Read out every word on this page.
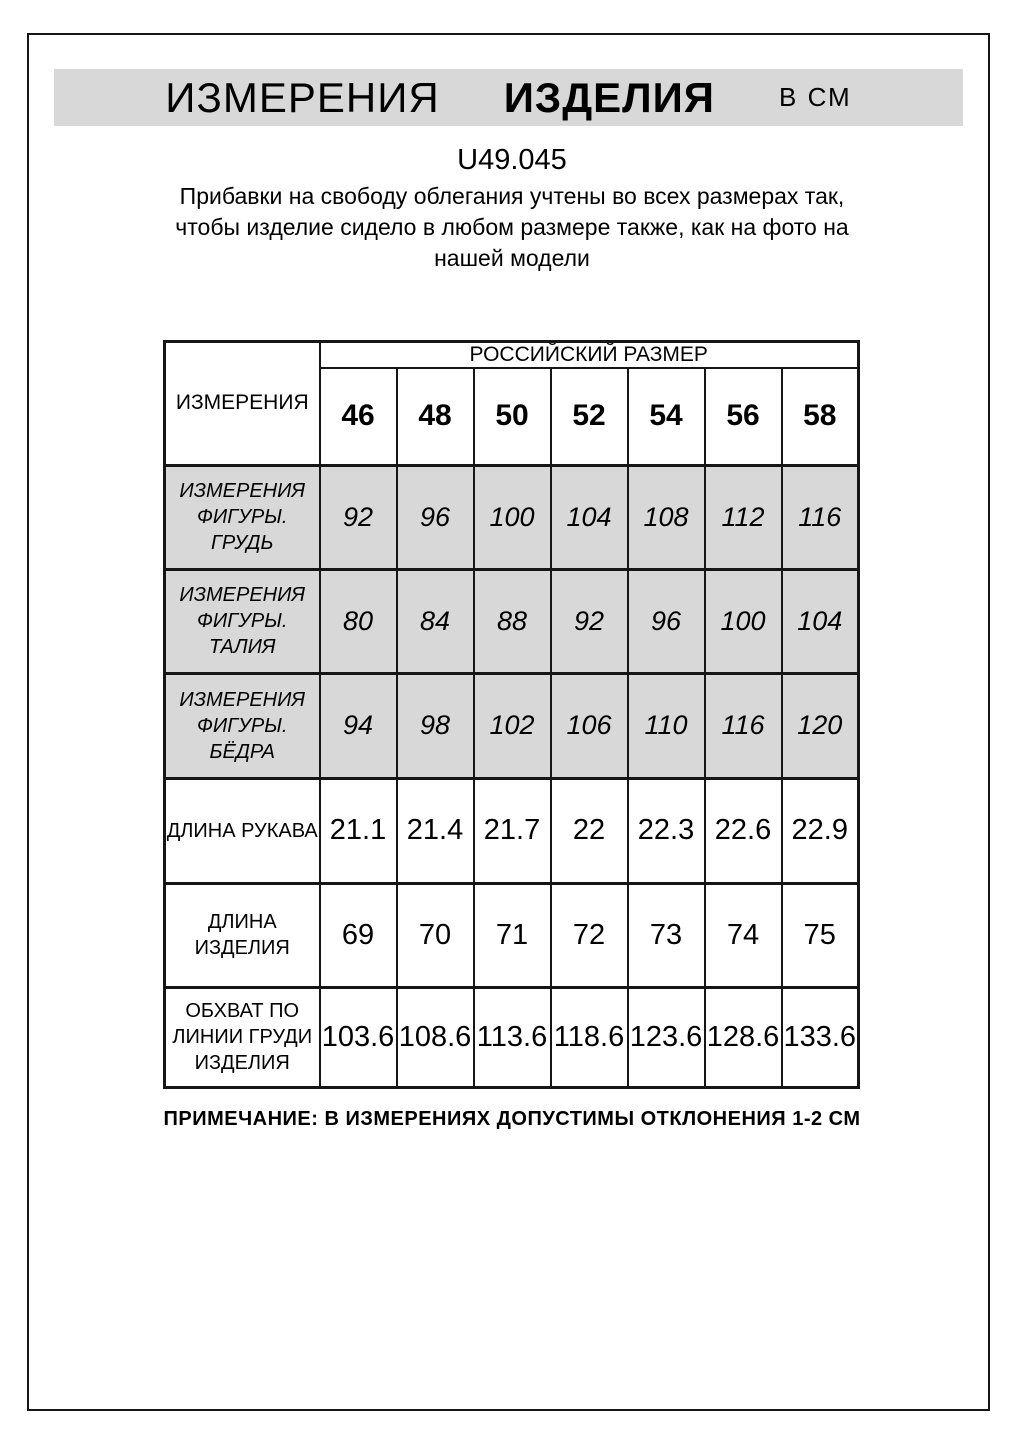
ИЗМЕРЕНИЯ ИЗДЕЛИЯ В СМ
U49.045
Прибавки на свободу облегания учтены во всех размерах так,
чтобы изделие сидело в любом размере также, как на фото на
нашей модели
ИЗМЕРЕНИЯ	РОССИЙСКИЙ РАЗМЕР						
	46	48	50	52	54	56	58

ИЗМЕРЕНИЯ
ФИГУРЫ. ГРУДЬ	92	96	100	104	108	112	116

ИЗМЕРЕНИЯ
ФИГУРЫ. ТАЛИЯ	80	84	88	92	96	100	104

ИЗМЕРЕНИЯ
ФИГУРЫ. БЁДРА	94	98	102	106	110	116	120

ДЛИНА РУКАВА	21.1	21.4	21.7	22	22.3	22.6	22.9

ДЛИНА ИЗДЕЛИЯ	69	70	71	72	73	74	75

ОБХВАТ ПО
ЛИНИИ ГРУДИ
ИЗДЕЛИЯ	103.6	108.6	113.6	118.6	123.6	128.6	133.6
ПРИМЕЧАНИЕ: В ИЗМЕРЕНИЯХ ДОПУСТИМЫ ОТКЛОНЕНИЯ 1-2 СМ
